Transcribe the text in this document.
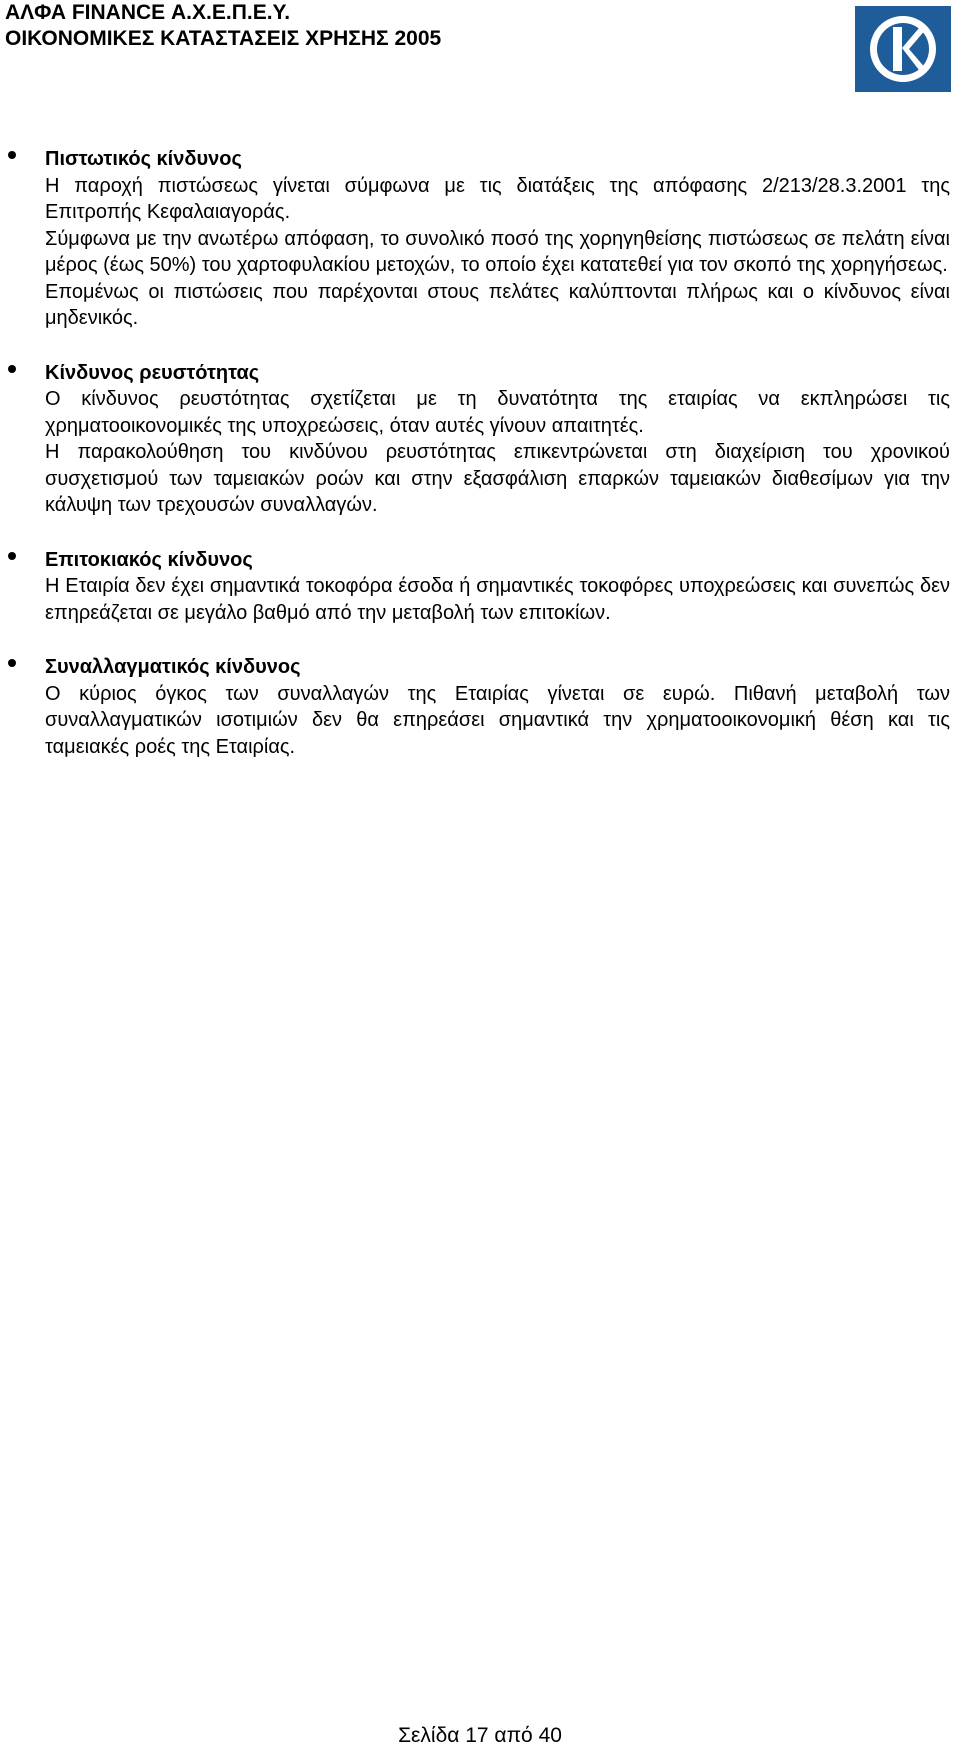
ΑΛΦΑ FINANCE Α.Χ.Ε.Π.Ε.Υ.
ΟΙΚΟΝΟΜΙΚΕΣ ΚΑΤΑΣΤΑΣΕΙΣ ΧΡΗΣΗΣ 2005
Πιστωτικός κίνδυνος

Η παροχή πιστώσεως γίνεται σύμφωνα με τις διατάξεις της απόφασης 2/213/28.3.2001 της Επιτροπής Κεφαλαιαγοράς.

Σύμφωνα με την ανωτέρω απόφαση, το συνολικό ποσό της χορηγηθείσης πιστώσεως σε πελάτη είναι μέρος (έως 50%) του χαρτοφυλακίου μετοχών, το οποίο έχει κατατεθεί για τον σκοπό της χορηγήσεως.

Επομένως οι πιστώσεις που παρέχονται στους πελάτες καλύπτονται πλήρως και ο κίνδυνος είναι μηδενικός.

Κίνδυνος ρευστότητας

Ο κίνδυνος ρευστότητας σχετίζεται με τη δυνατότητα της εταιρίας να εκπληρώσει τις χρηματοοικονομικές της υποχρεώσεις, όταν αυτές γίνουν απαιτητές.

Η παρακολούθηση του κινδύνου ρευστότητας επικεντρώνεται στη διαχείριση του χρονικού συσχετισμού των ταμειακών ροών και στην εξασφάλιση επαρκών ταμειακών διαθεσίμων για την κάλυψη των τρεχουσών συναλλαγών.

Επιτοκιακός κίνδυνος

Η Εταιρία δεν έχει σημαντικά τοκοφόρα έσοδα ή σημαντικές τοκοφόρες υποχρεώσεις και συνεπώς δεν επηρεάζεται σε μεγάλο βαθμό από την μεταβολή των επιτοκίων.

Συναλλαγματικός κίνδυνος

Ο κύριος όγκος των συναλλαγών της Εταιρίας γίνεται σε ευρώ. Πιθανή μεταβολή των συναλλαγματικών ισοτιμιών δεν θα επηρεάσει σημαντικά την χρηματοοικονομική θέση και τις ταμειακές ροές της Εταιρίας.

Σελίδα 17 από 40
